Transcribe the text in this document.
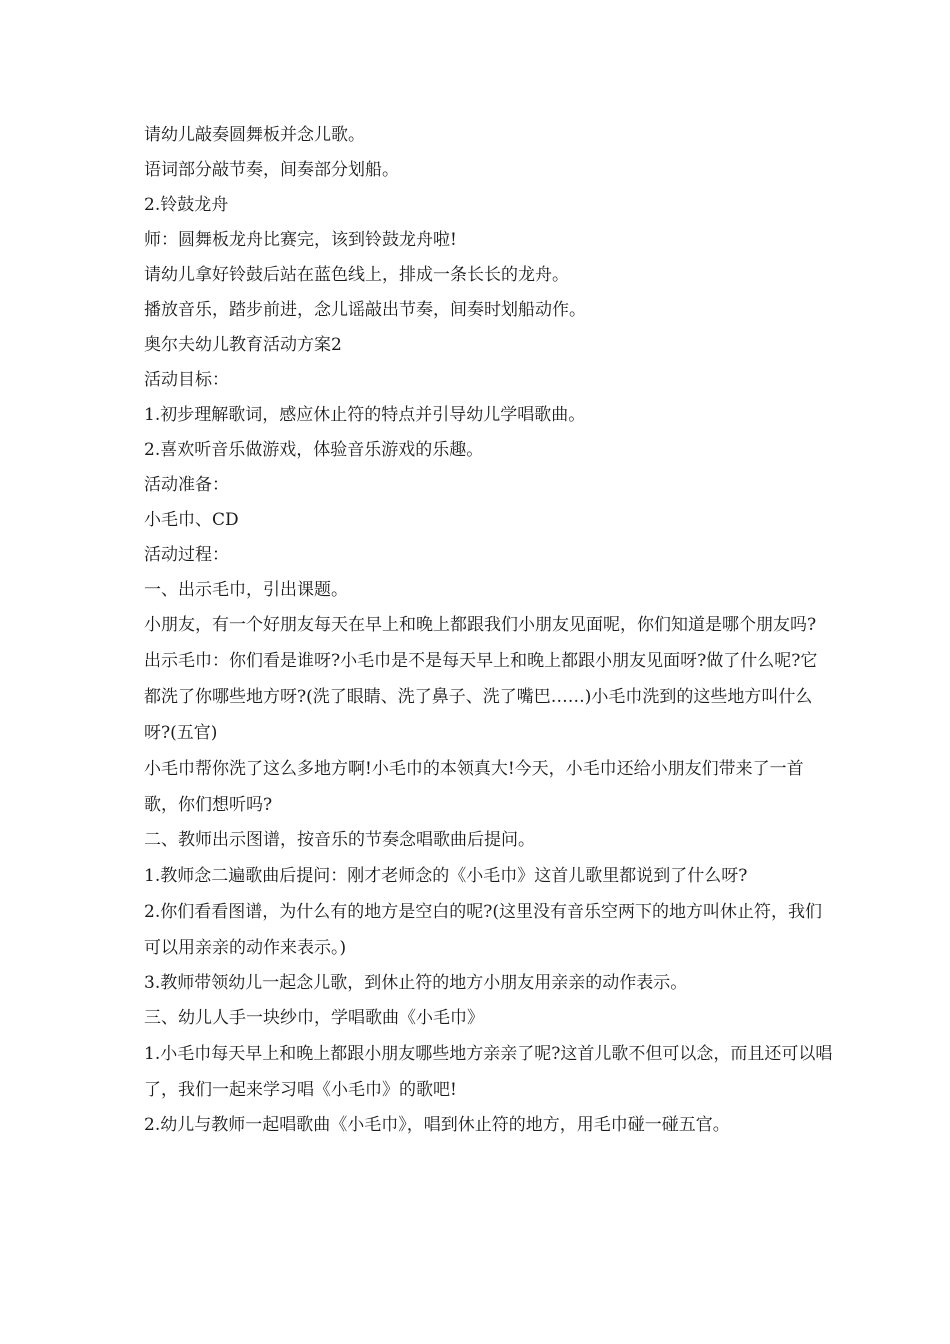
请幼儿敲奏圆舞板并念儿歌。

语词部分敲节奏，间奏部分划船。

2.铃鼓龙舟

师：圆舞板龙舟比赛完，该到铃鼓龙舟啦!

请幼儿拿好铃鼓后站在蓝色线上，排成一条长长的龙舟。

播放音乐，踏步前进，念儿谣敲出节奏，间奏时划船动作。

奥尔夫幼儿教育活动方案2

活动目标：

1.初步理解歌词，感应休止符的特点并引导幼儿学唱歌曲。

2.喜欢听音乐做游戏，体验音乐游戏的乐趣。

活动准备：

小毛巾、CD

活动过程：

一、出示毛巾，引出课题。

小朋友，有一个好朋友每天在早上和晚上都跟我们小朋友见面呢，你们知道是哪个朋友吗?

出示毛巾：你们看是谁呀?小毛巾是不是每天早上和晚上都跟小朋友见面呀?做了什么呢?它都洗了你哪些地方呀?(洗了眼睛、洗了鼻子、洗了嘴巴……)小毛巾洗到的这些地方叫什么呀?(五官)

小毛巾帮你洗了这么多地方啊!小毛巾的本领真大!今天，小毛巾还给小朋友们带来了一首歌，你们想听吗?

二、教师出示图谱，按音乐的节奏念唱歌曲后提问。

1.教师念二遍歌曲后提问：刚才老师念的《小毛巾》这首儿歌里都说到了什么呀?

2.你们看看图谱，为什么有的地方是空白的呢?(这里没有音乐空两下的地方叫休止符，我们可以用亲亲的动作来表示。)

3.教师带领幼儿一起念儿歌，到休止符的地方小朋友用亲亲的动作表示。

三、幼儿人手一块纱巾，学唱歌曲《小毛巾》

1.小毛巾每天早上和晚上都跟小朋友哪些地方亲亲了呢?这首儿歌不但可以念，而且还可以唱了，我们一起来学习唱《小毛巾》的歌吧!

2.幼儿与教师一起唱歌曲《小毛巾》，唱到休止符的地方，用毛巾碰一碰五官。
